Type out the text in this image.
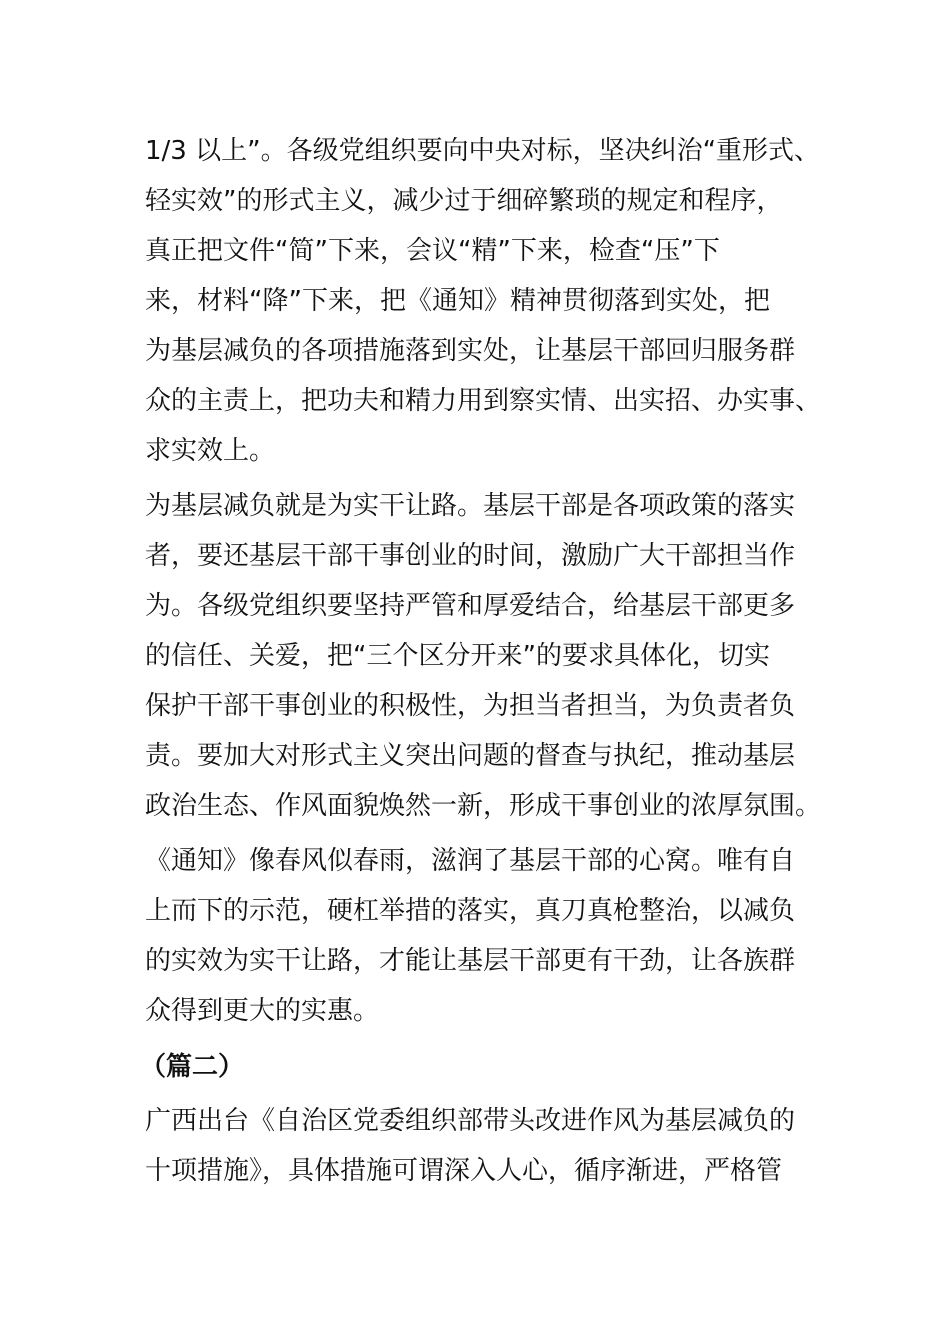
1/3 以上”。各级党组织要向中央对标，坚决纠治“重形式、
轻实效”的形式主义，减少过于细碎繁琐的规定和程序，
真正把文件“简”下来，会议“精”下来，检查“压”下
来，材料“降”下来，把《通知》精神贯彻落到实处，把
为基层减负的各项措施落到实处，让基层干部回归服务群
众的主责上，把功夫和精力用到察实情、出实招、办实事、
求实效上。
为基层减负就是为实干让路。基层干部是各项政策的落实
者，要还基层干部干事创业的时间，激励广大干部担当作
为。各级党组织要坚持严管和厚爱结合，给基层干部更多
的信任、关爱，把“三个区分开来”的要求具体化，切实
保护干部干事创业的积极性，为担当者担当，为负责者负
责。要加大对形式主义突出问题的督查与执纪，推动基层
政治生态、作风面貌焕然一新，形成干事创业的浓厚氛围。
《通知》像春风似春雨，滋润了基层干部的心窝。唯有自
上而下的示范，硬杠举措的落实，真刀真枪整治，以减负
的实效为实干让路，才能让基层干部更有干劲，让各族群
众得到更大的实惠。
（篇二）
广西出台《自治区党委组织部带头改进作风为基层减负的
十项措施》，具体措施可谓深入人心，循序渐进，严格管
